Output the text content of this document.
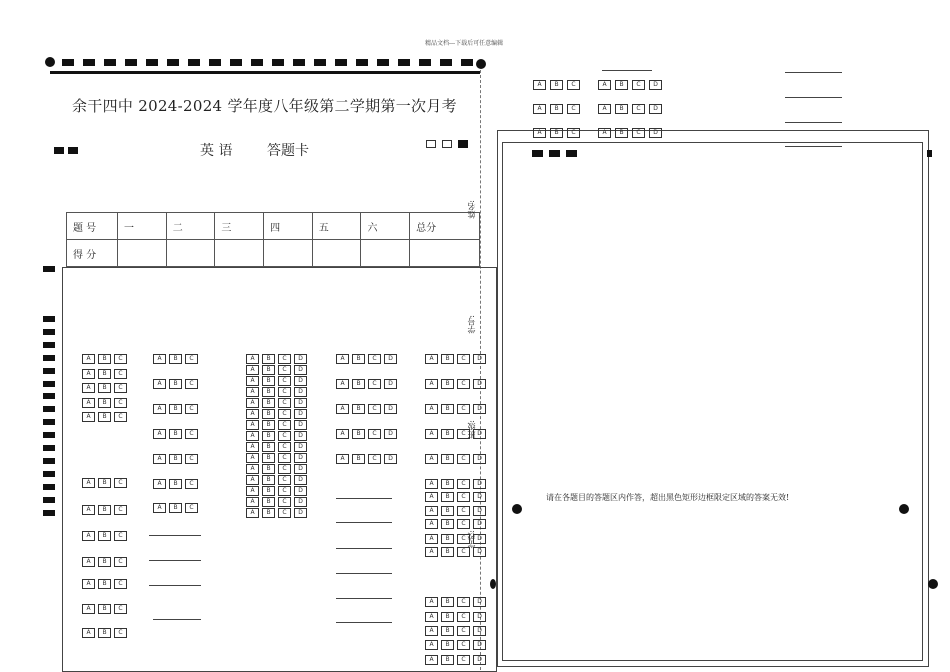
精品文档---下载后可任意编辑
余干四中 2024-2024 学年度八年级第二学期第一次月考
英 语 答题卡
题 号	一	二	三	四	五	六	总分
得 分							
姓名:
学号:
班级:
学校:
A	B	C
A	B	C
A	B	C
A	B	C
A	B	C
A	B	C
A	B	C
A	B	C
A	B	C
A	B	C
A	B	C
A	B	C
A	B	C
A	B	C
A	B	C
A	B	C
A	B	C
A	B	C
A	B	C
A	B	C	D
A	B	C	D
A	B	C	D
A	B	C	D
A	B	C	D
A	B	C	D
A	B	C	D
A	B	C	D
A	B	C	D
A	B	C	D
A	B	C	D
A	B	C	D
A	B	C	D
A	B	C	D
A	B	C	D
A	B	C	D
A	B	C	D
A	B	C	D
A	B	C	D
A	B	C	D
A	B	C	D
A	B	C	D
A	B	C	D
A	B	C	D
A	B	C	D
A	B	C	D
A	B	C	D
A	B	C	D
A	B	C	D
A	B	C	D
A	B	C	D
A	B	C	D
A	B	C	D
A	B	C	D
A	B	C	D
A	B	C	D
请在各题目的答题区内作答，超出黑色矩形边框限定区域的答案无效!
A	B	C	A	B	C	D
A	B	C	A	B	C	D
A	B	C	A	B	C	D
